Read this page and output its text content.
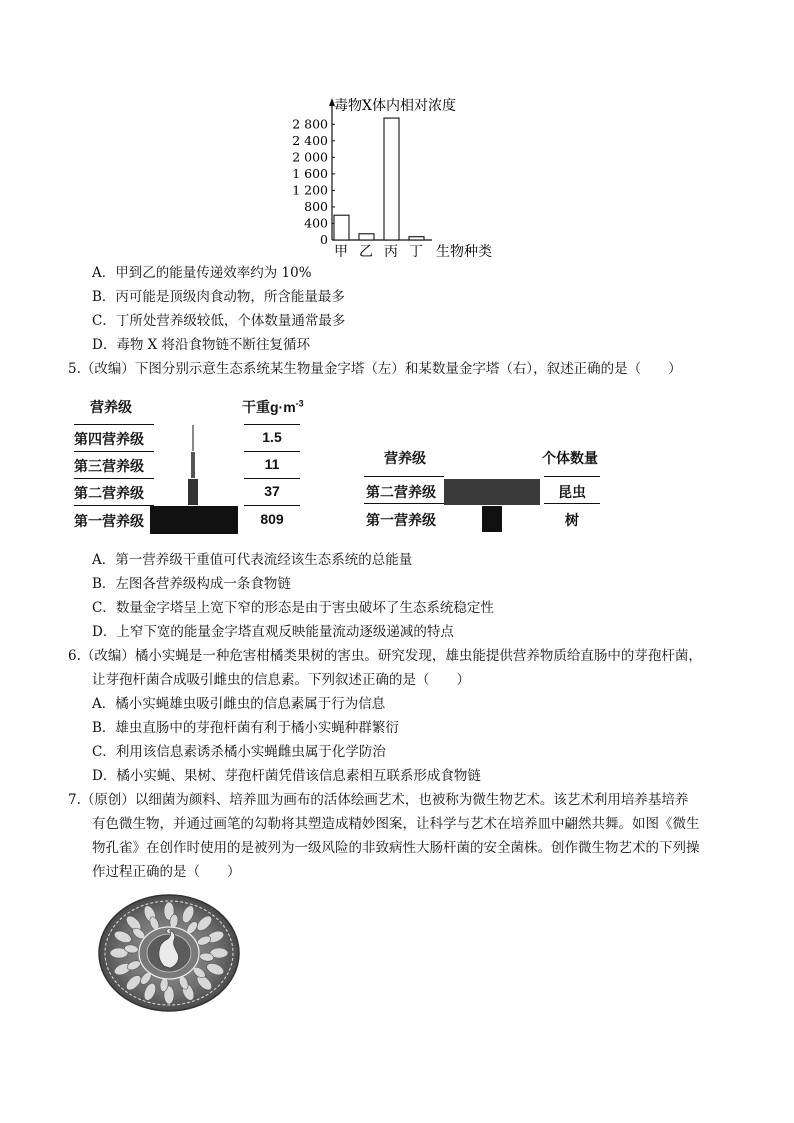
毒物X体内相对浓度
0
400
800
1 200
1 600
2 000
2 400
2 800
甲 乙 丙 丁 生物种类
A．甲到乙的能量传递效率约为 10%
B．丙可能是顶级肉食动物，所含能量最多
C．丁所处营养级较低，个体数量通常最多
D．毒物 X 将沿食物链不断往复循环
5.（改编）下图分别示意生态系统某生物量金字塔（左）和某数量金字塔（右），叙述正确的是（　　）
营养级	干重$g\cdot m^{-3}$
第四营养级
第三营养级
第二营养级
第一营养级
1.5
11
37
809
营养级	个体数量
第二营养级
第一营养级
昆虫
树
A．第一营养级干重值可代表流经该生态系统的总能量
B．左图各营养级构成一条食物链
C．数量金字塔呈上宽下窄的形态是由于害虫破坏了生态系统稳定性
D．上窄下宽的能量金字塔直观反映能量流动逐级递减的特点
6.（改编）橘小实蝇是一种危害柑橘类果树的害虫。研究发现，雄虫能提供营养物质给直肠中的芽孢杆菌，
让芽孢杆菌合成吸引雌虫的信息素。下列叙述正确的是（　　）
A．橘小实蝇雄虫吸引雌虫的信息素属于行为信息
B．雄虫直肠中的芽孢杆菌有利于橘小实蝇种群繁衍
C．利用该信息素诱杀橘小实蝇雌虫属于化学防治
D．橘小实蝇、果树、芽孢杆菌凭借该信息素相互联系形成食物链
7.（原创）以细菌为颜料、培养皿为画布的活体绘画艺术，也被称为微生物艺术。该艺术利用培养基培养
有色微生物，并通过画笔的勾勒将其塑造成精妙图案，让科学与艺术在培养皿中翩然共舞。如图《微生
物孔雀》在创作时使用的是被列为一级风险的非致病性大肠杆菌的安全菌株。创作微生物艺术的下列操
作过程正确的是（　　）
